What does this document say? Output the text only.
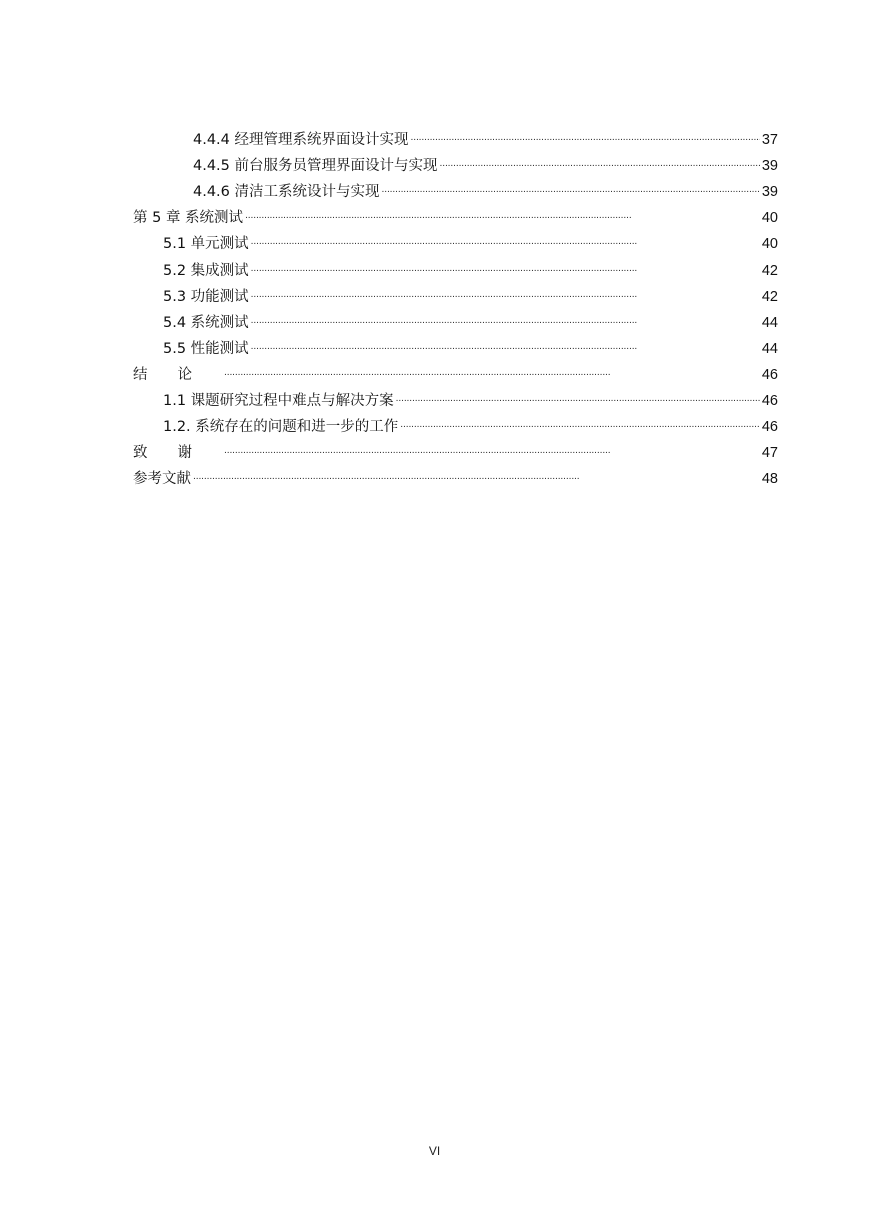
4.4.4 经理管理系统界面设计实现 . . .	37
4.4.5 前台服务员管理界面设计与实现 . . .	39
4.4.6 清洁工系统设计与实现 . . .	39
第 5 章 系统测试 . . .	40
5.1 单元测试 . . .	40
5.2 集成测试 . . .	42
5.3 功能测试 . . .	42
5.4 系统测试 . . .	44
5.5 性能测试 . . .	44
结论 . . .	46
1.1 课题研究过程中难点与解决方案 . . .	46
1.2. 系统存在的问题和进一步的工作 . . .	46
致谢 . . .	47
参考文献 . . .	48
VI
